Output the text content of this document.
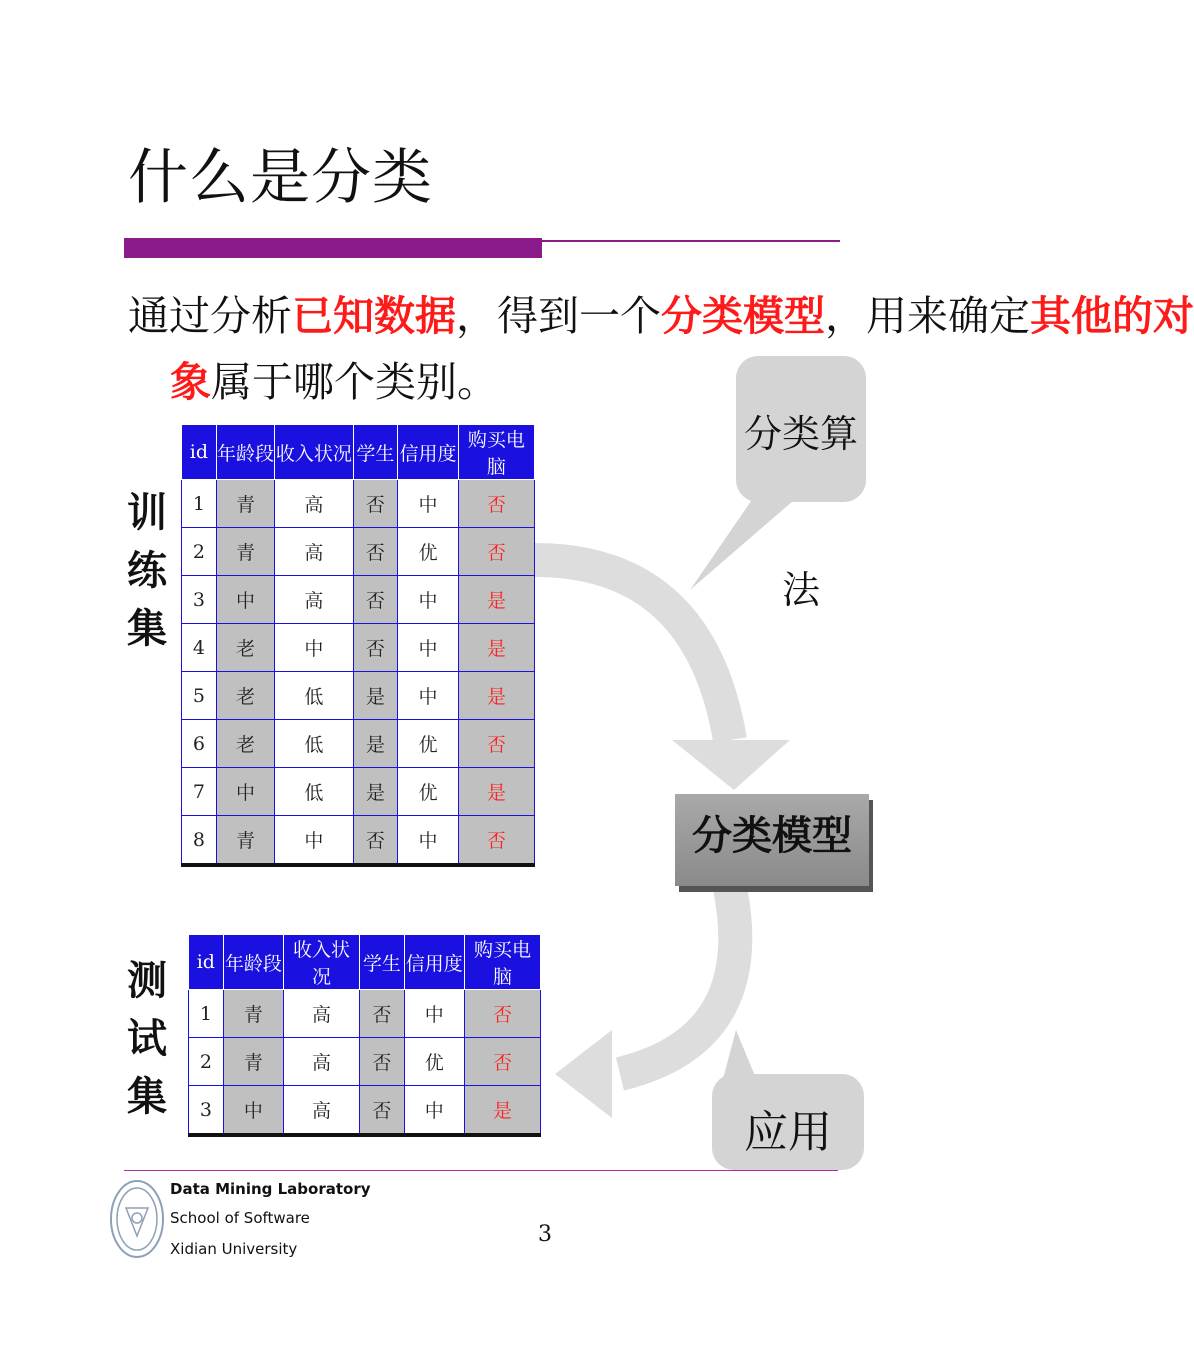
什么是分类
通过分析已知数据，得到一个分类模型，用来确定其他的对
象属于哪个类别。
训
练
集
测
试
集
id	年龄段	收入状况	学生	信用度	购买电脑
1	青	高	否	中	否
2	青	高	否	优	否
3	中	高	否	中	是
4	老	中	否	中	是
5	老	低	是	中	是
6	老	低	是	优	否
7	中	低	是	优	是
8	青	中	否	中	否
id	年龄段	收入状况	学生	信用度	购买电脑
1	青	高	否	中	否
2	青	高	否	优	否
3	中	高	否	中	是
分类算法
应用
分类模型
Data Mining Laboratory
School of Software
Xidian University
3
